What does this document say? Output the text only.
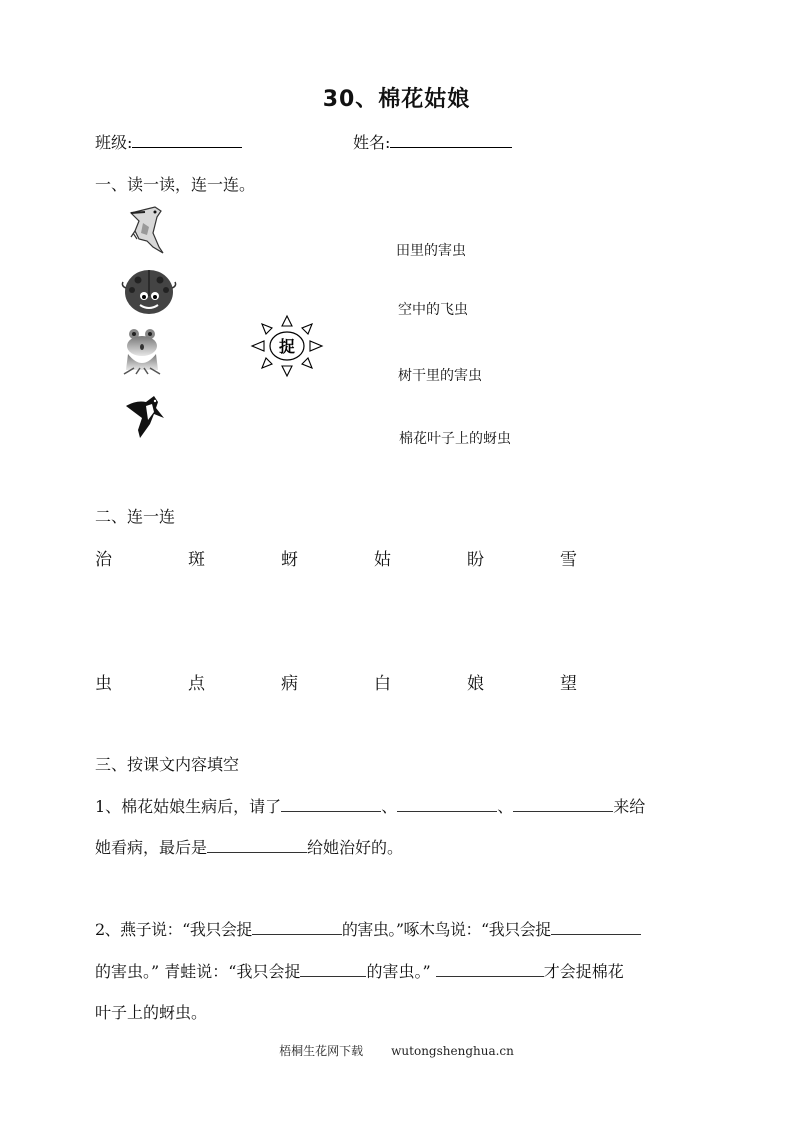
30、棉花姑娘
班级:	姓名:
一、读一读，连一连。
捉
田里的害虫
空中的飞虫
树干里的害虫
棉花叶子上的蚜虫
二、连一连
治	斑	蚜	姑	盼	雪
虫	点	病	白	娘	望
三、按课文内容填空
1、棉花姑娘生病后，请了	、	、	来给
她看病，最后是	给她治好的。
2、燕子说：“我只会捉	的害虫。”啄木鸟说：“我只会捉
的害虫。” 青蛙说：“我只会捉	的害虫。”	才会捉棉花
叶子上的蚜虫。
梧桐生花网下载 wutongshenghua.cn
